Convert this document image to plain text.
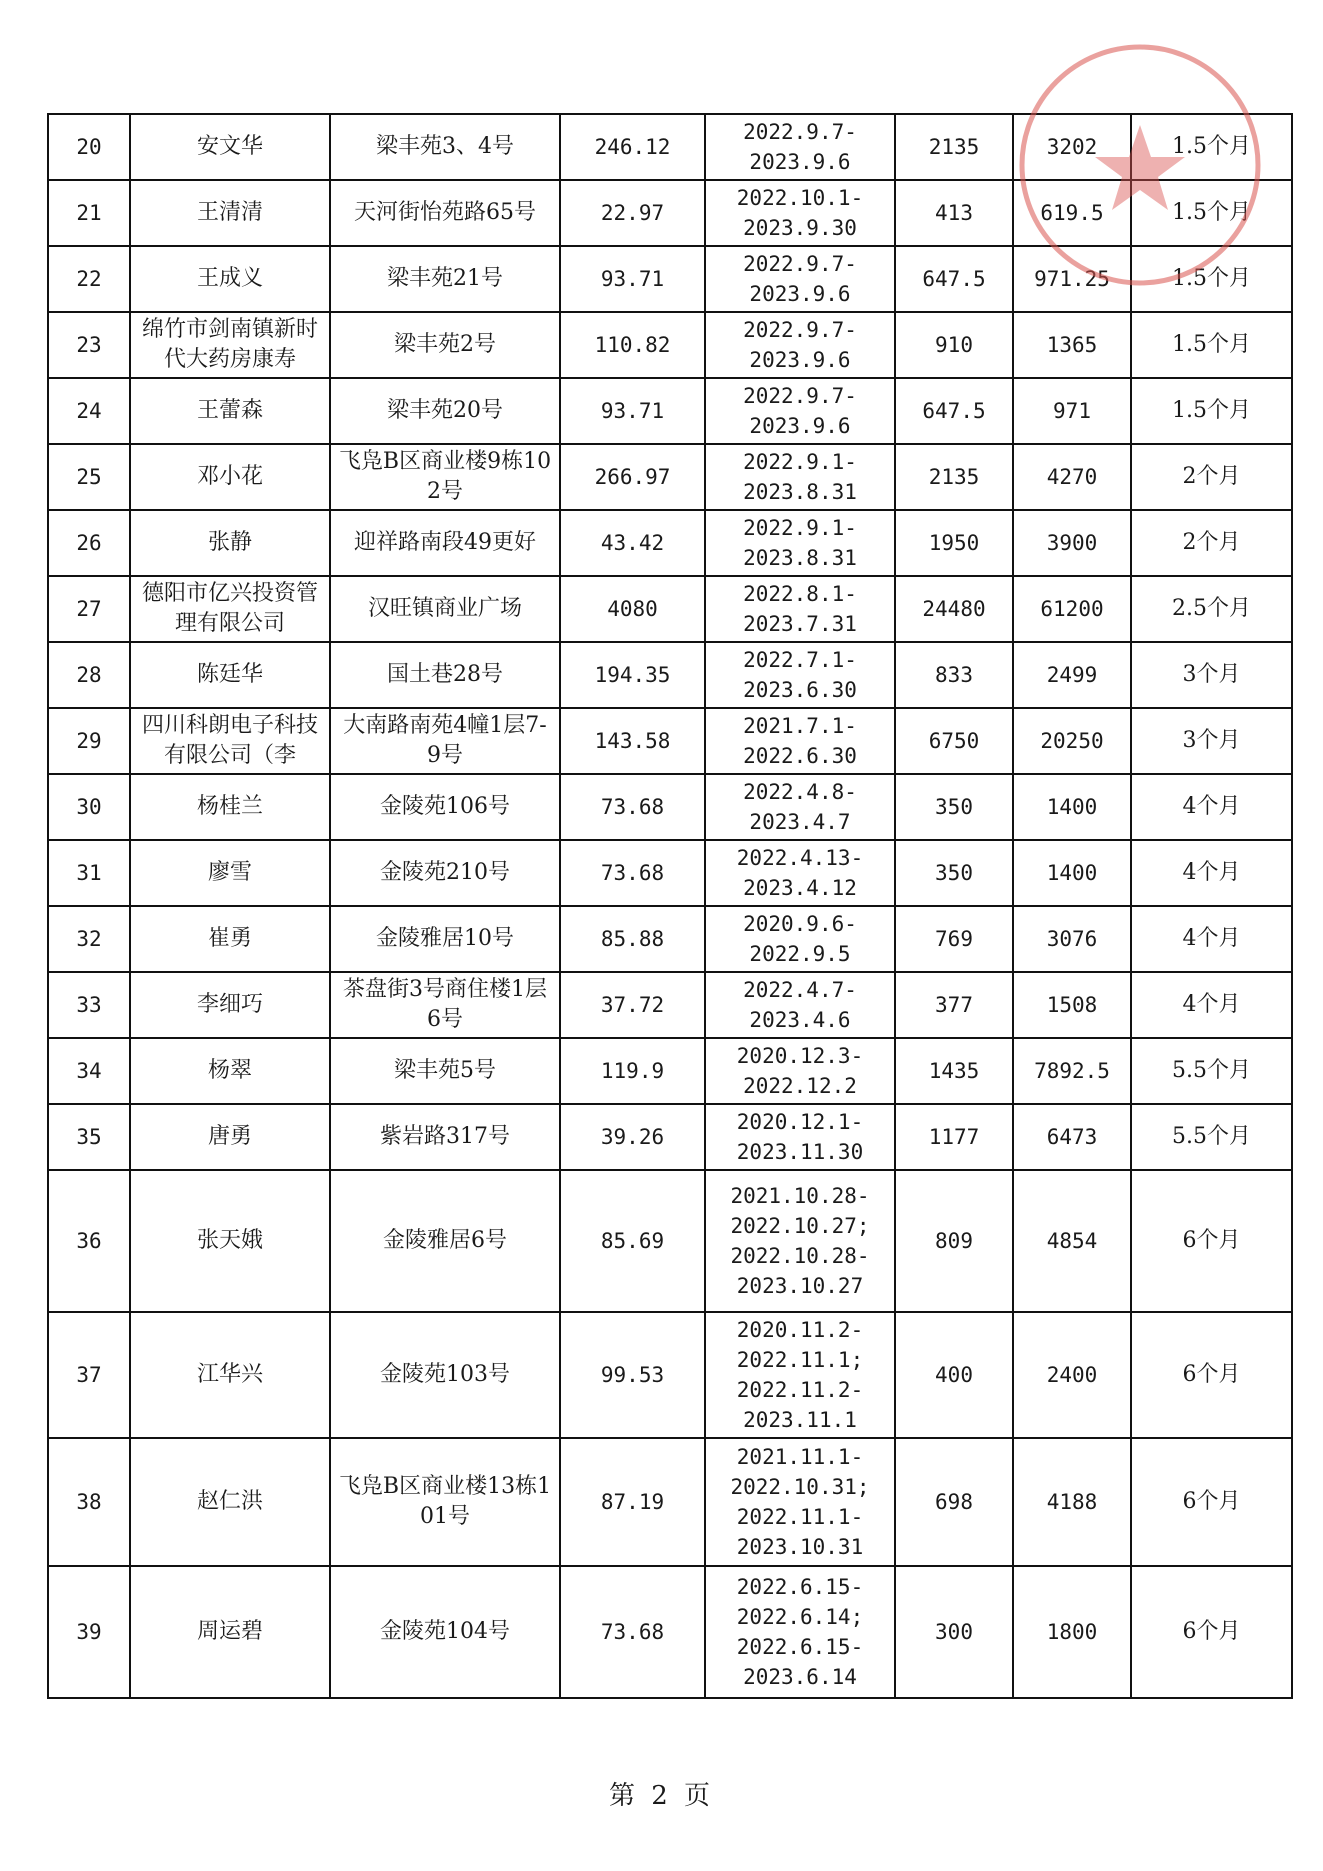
20	安文华	梁丰苑3、4号	246.12	2022.9.7-
2023.9.6	2135	3202	1.5个月
21	王清清	天河街怡苑路65号	22.97	2022.10.1-
2023.9.30	413	619.5	1.5个月
22	王成义	梁丰苑21号	93.71	2022.9.7-
2023.9.6	647.5	971.25	1.5个月
23	绵竹市剑南镇新时代大药房康寿	梁丰苑2号	110.82	2022.9.7-
2023.9.6	910	1365	1.5个月
24	王蕾森	梁丰苑20号	93.71	2022.9.7-
2023.9.6	647.5	971	1.5个月
25	邓小花	飞凫B区商业楼9栋102号	266.97	2022.9.1-
2023.8.31	2135	4270	2个月
26	张静	迎祥路南段49更好	43.42	2022.9.1-
2023.8.31	1950	3900	2个月
27	德阳市亿兴投资管理有限公司	汉旺镇商业广场	4080	2022.8.1-
2023.7.31	24480	61200	2.5个月
28	陈廷华	国土巷28号	194.35	2022.7.1-
2023.6.30	833	2499	3个月
29	四川科朗电子科技有限公司（李	大南路南苑4幢1层7-9号	143.58	2021.7.1-
2022.6.30	6750	20250	3个月
30	杨桂兰	金陵苑106号	73.68	2022.4.8-
2023.4.7	350	1400	4个月
31	廖雪	金陵苑210号	73.68	2022.4.13-
2023.4.12	350	1400	4个月
32	崔勇	金陵雅居10号	85.88	2020.9.6-
2022.9.5	769	3076	4个月
33	李细巧	茶盘街3号商住楼1层6号	37.72	2022.4.7-
2023.4.6	377	1508	4个月
34	杨翠	梁丰苑5号	119.9	2020.12.3-
2022.12.2	1435	7892.5	5.5个月
35	唐勇	紫岩路317号	39.26	2020.12.1-
2023.11.30	1177	6473	5.5个月
36	张天娥	金陵雅居6号	85.69	2021.10.28-
2022.10.27;
2022.10.28-
2023.10.27	809	4854	6个月
37	江华兴	金陵苑103号	99.53	2020.11.2-
2022.11.1;
2022.11.2-
2023.11.1	400	2400	6个月
38	赵仁洪	飞凫B区商业楼13栋101号	87.19	2021.11.1-
2022.10.31;
2022.11.1-
2023.10.31	698	4188	6个月
39	周运碧	金陵苑104号	73.68	2022.6.15-
2022.6.14;
2022.6.15-
2023.6.14	300	1800	6个月
第 2 页
